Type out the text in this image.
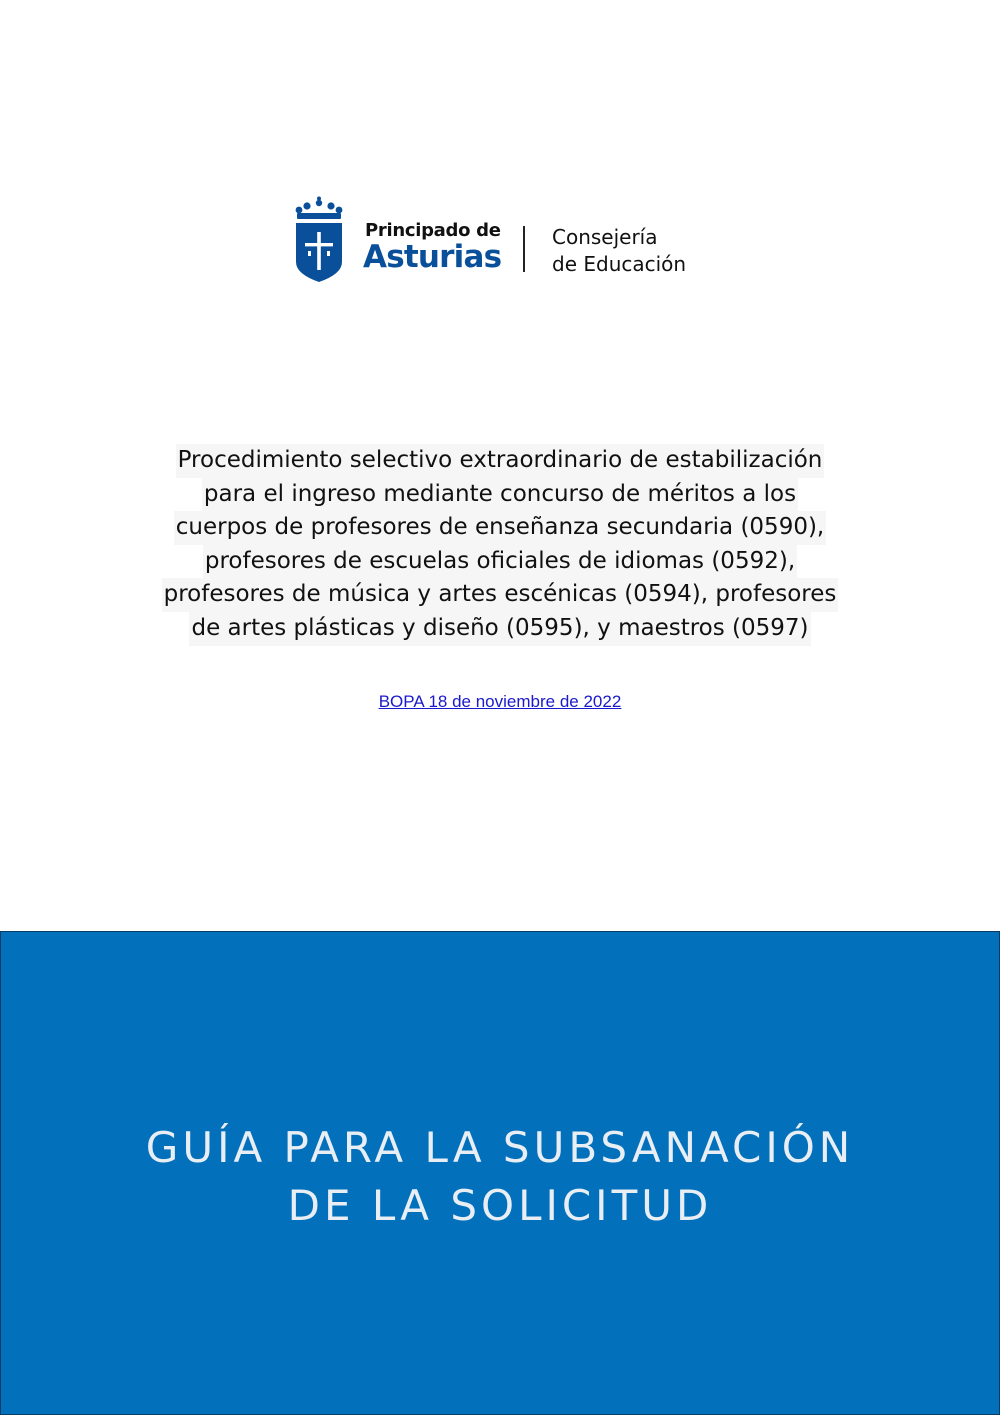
Principado de
Asturias
Consejería
de Educación
Procedimiento selectivo extraordinario de estabilización
para el ingreso mediante concurso de méritos a los
cuerpos de profesores de enseñanza secundaria (0590),
profesores de escuelas oficiales de idiomas (0592),
profesores de música y artes escénicas (0594), profesores
de artes plásticas y diseño (0595), y maestros (0597)
BOPA 18 de noviembre de 2022
GUÍA PARA LA SUBSANACIÓN
DE LA SOLICITUD
